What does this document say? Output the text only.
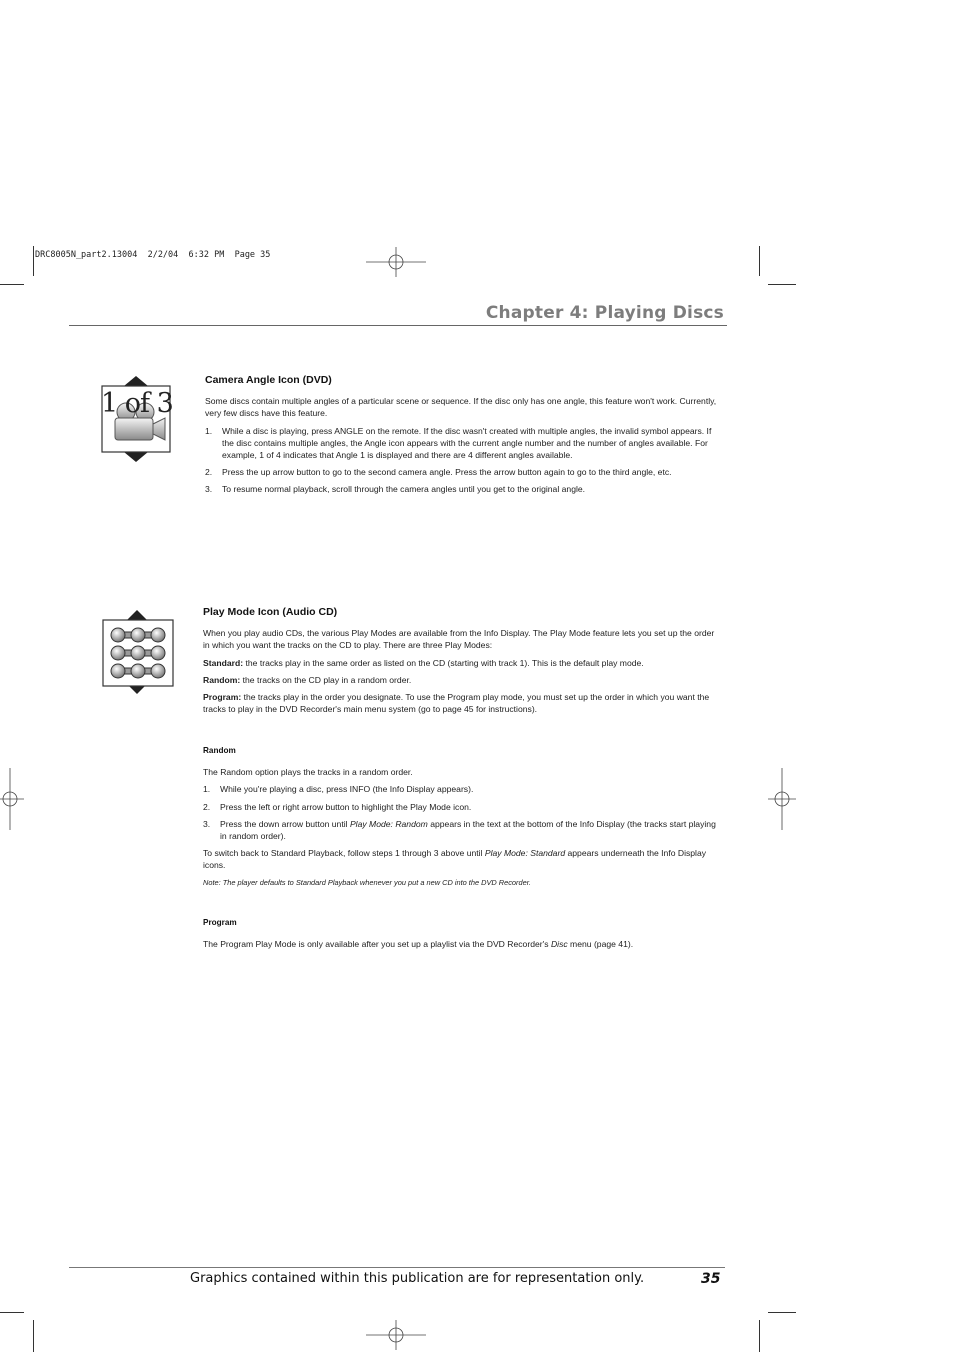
DRC8005N_part2.13004  2/2/04  6:32 PM  Page 35
Chapter 4: Playing Discs
1 of 3
Camera Angle Icon (DVD)

Some discs contain multiple angles of a particular scene or sequence. If the disc only has one angle, this feature won't work. Currently, very few discs have this feature.

1. While a disc is playing, press ANGLE on the remote. If the disc wasn't created with multiple angles, the invalid symbol appears. If the disc contains multiple angles, the Angle icon appears with the current angle number and the number of angles available. For example, 1 of 4 indicates that Angle 1 is displayed and there are 4 different angles available.
2. Press the up arrow button to go to the second camera angle. Press the arrow button again to go to the third angle, etc.
3. To resume normal playback, scroll through the camera angles until you get to the original angle.
Play Mode Icon (Audio CD)

When you play audio CDs, the various Play Modes are available from the Info Display. The Play Mode feature lets you set up the order in which you want the tracks on the CD to play. There are three Play Modes:

Standard: the tracks play in the same order as listed on the CD (starting with track 1). This is the default play mode.

Random: the tracks on the CD play in a random order.

Program: the tracks play in the order you designate. To use the Program play mode, you must set up the order in which you want the tracks to play in the DVD Recorder's main menu system (go to page 45 for instructions).

Random

The Random option plays the tracks in a random order.

1. While you're playing a disc, press INFO (the Info Display appears).
2. Press the left or right arrow button to highlight the Play Mode icon.
3. Press the down arrow button until Play Mode: Random appears in the text at the bottom of the Info Display (the tracks start playing in random order).

To switch back to Standard Playback, follow steps 1 through 3 above until Play Mode: Standard appears underneath the Info Display icons.

Note: The player defaults to Standard Playback whenever you put a new CD into the DVD Recorder.

Program

The Program Play Mode is only available after you set up a playlist via the DVD Recorder's Disc menu (page 41).

Graphics contained within this publication are for representation only.	35
